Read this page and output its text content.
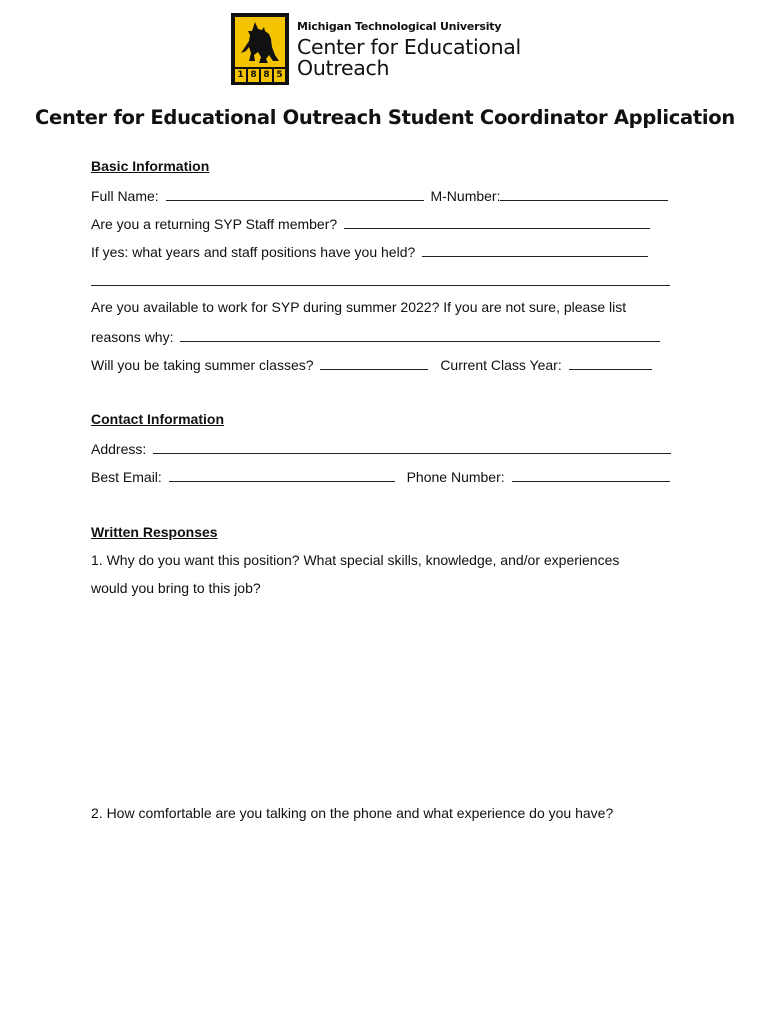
1 8 8 5
Michigan Technological University
Center for Educational
Outreach
Center for Educational Outreach Student Coordinator Application
Basic Information
Full Name:	M-Number:
Are you a returning SYP Staff member?
If yes: what years and staff positions have you held?
Are you available to work for SYP during summer 2022? If you are not sure, please list
reasons why:
Will you be taking summer classes?	Current Class Year:
Contact Information
Address:
Best Email:	Phone Number:
Written Responses
1. Why do you want this position? What special skills, knowledge, and/or experiences
would you bring to this job?
2. How comfortable are you talking on the phone and what experience do you have?
